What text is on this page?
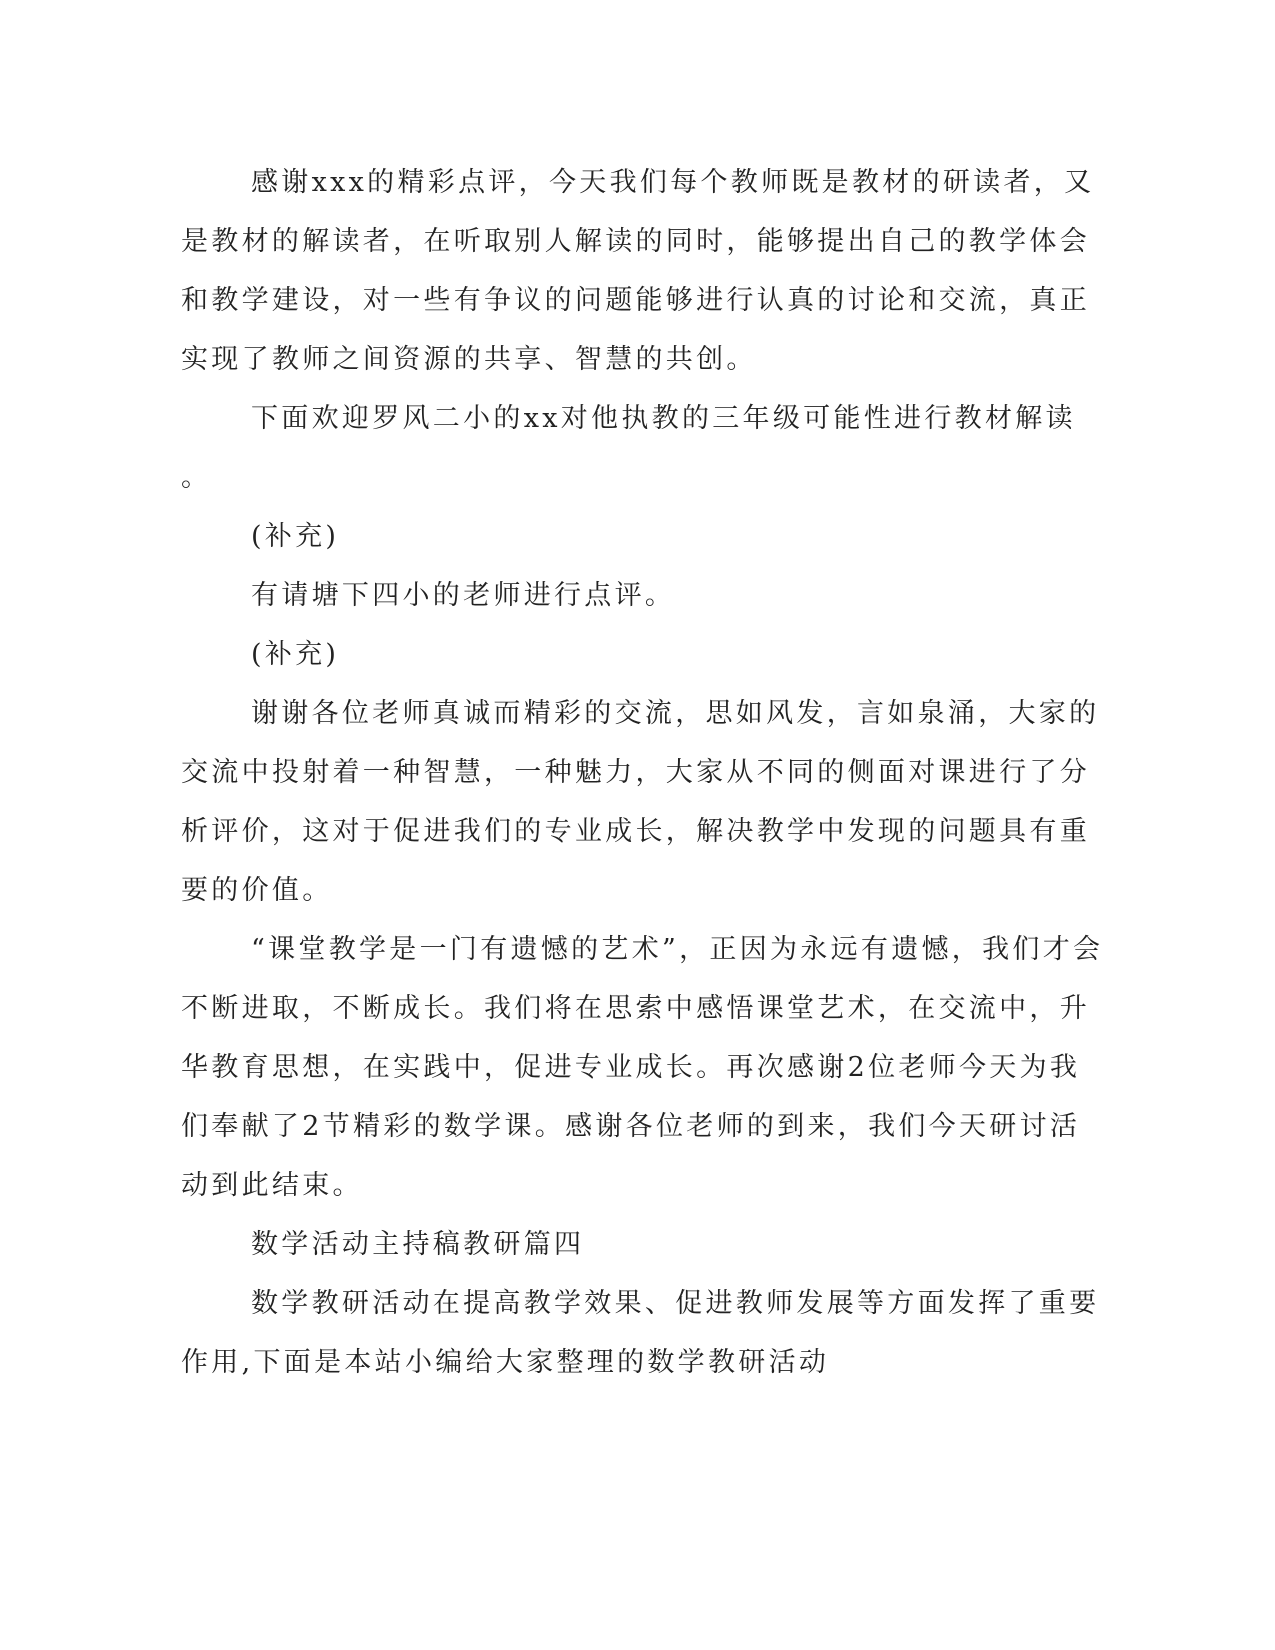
感谢xxx的精彩点评，今天我们每个教师既是教材的研读者，又
是教材的解读者，在听取别人解读的同时，能够提出自己的教学体会
和教学建设，对一些有争议的问题能够进行认真的讨论和交流，真正
实现了教师之间资源的共享、智慧的共创。
下面欢迎罗风二小的xx对他执教的三年级可能性进行教材解读
。
(补充)
有请塘下四小的老师进行点评。
(补充)
谢谢各位老师真诚而精彩的交流，思如风发，言如泉涌，大家的
交流中投射着一种智慧，一种魅力，大家从不同的侧面对课进行了分
析评价，这对于促进我们的专业成长，解决教学中发现的问题具有重
要的价值。
“课堂教学是一门有遗憾的艺术”，正因为永远有遗憾，我们才会
不断进取，不断成长。我们将在思索中感悟课堂艺术，在交流中，升
华教育思想，在实践中，促进专业成长。再次感谢2位老师今天为我
们奉献了2节精彩的数学课。感谢各位老师的到来，我们今天研讨活
动到此结束。
数学活动主持稿教研篇四
数学教研活动在提高教学效果、促进教师发展等方面发挥了重要
作用,下面是本站小编给大家整理的数学教研活动
